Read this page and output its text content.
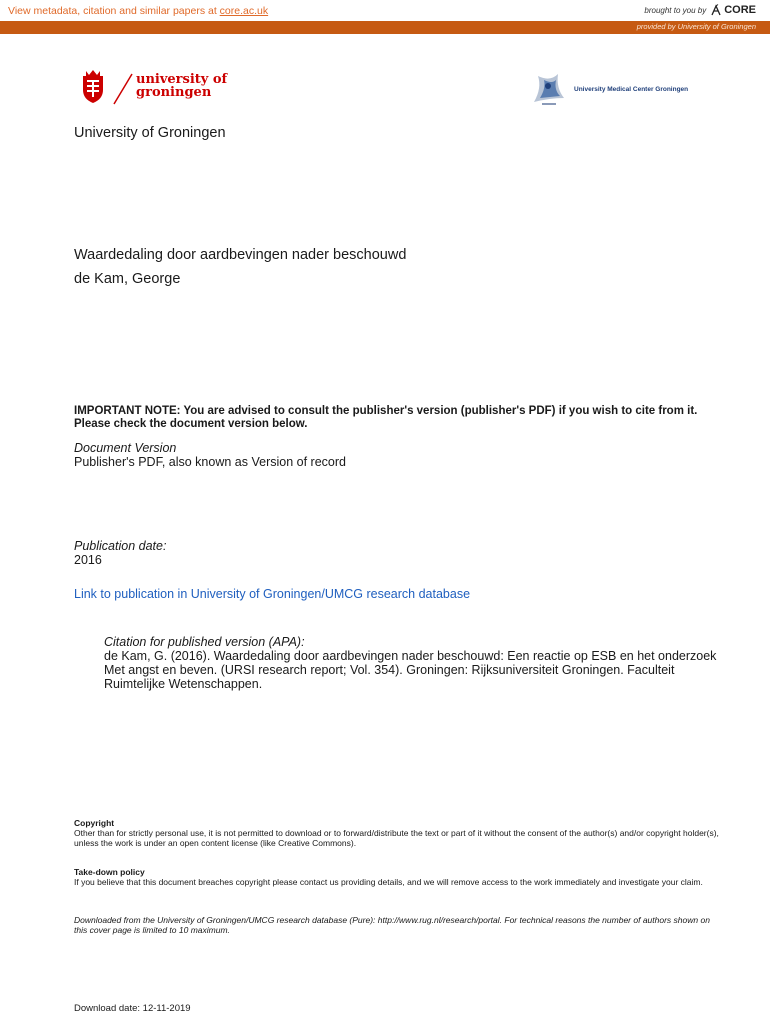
View metadata, citation and similar papers at core.ac.uk	brought to you by CORE
provided by University of Groningen
university of
groningen	University Medical Center Groningen
University of Groningen
Waardedaling door aardbevingen nader beschouwd
de Kam, George
IMPORTANT NOTE: You are advised to consult the publisher's version (publisher's PDF) if you wish to cite from it. Please check the document version below.
Document Version
Publisher's PDF, also known as Version of record
Publication date:
2016
Link to publication in University of Groningen/UMCG research database
Citation for published version (APA):
de Kam, G. (2016). Waardedaling door aardbevingen nader beschouwd: Een reactie op ESB en het onderzoek Met angst en beven. (URSI research report; Vol. 354). Groningen: Rijksuniversiteit Groningen. Faculteit Ruimtelijke Wetenschappen.
Copyright
Other than for strictly personal use, it is not permitted to download or to forward/distribute the text or part of it without the consent of the author(s) and/or copyright holder(s), unless the work is under an open content license (like Creative Commons).
Take-down policy
If you believe that this document breaches copyright please contact us providing details, and we will remove access to the work immediately and investigate your claim.
Downloaded from the University of Groningen/UMCG research database (Pure): http://www.rug.nl/research/portal. For technical reasons the number of authors shown on this cover page is limited to 10 maximum.
Download date: 12-11-2019
